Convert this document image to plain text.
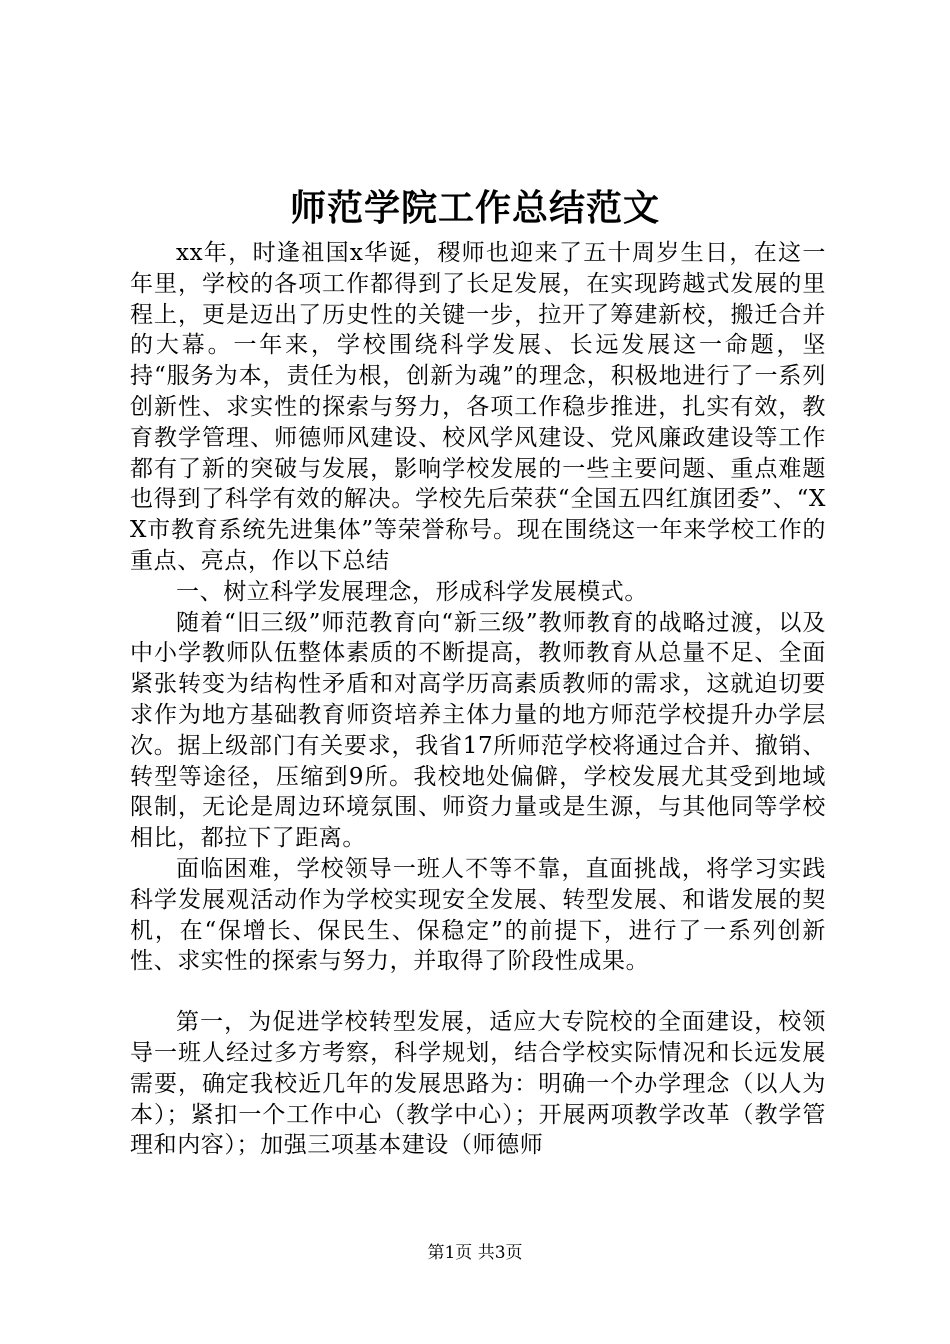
师范学院工作总结范文

xx年，时逢祖国x华诞，稷师也迎来了五十周岁生日，在这一年里，学校的各项工作都得到了长足发展，在实现跨越式发展的里程上，更是迈出了历史性的关键一步，拉开了筹建新校，搬迁合并的大幕。一年来，学校围绕科学发展、长远发展这一命题，坚持“服务为本，责任为根，创新为魂”的理念，积极地进行了一系列创新性、求实性的探索与努力，各项工作稳步推进，扎实有效，教育教学管理、师德师风建设、校风学风建设、党风廉政建设等工作都有了新的突破与发展，影响学校发展的一些主要问题、重点难题也得到了科学有效的解决。学校先后荣获“全国五四红旗团委”、“XX市教育系统先进集体”等荣誉称号。现在围绕这一年来学校工作的重点、亮点，作以下总结

一、树立科学发展理念，形成科学发展模式。

随着“旧三级”师范教育向“新三级”教师教育的战略过渡，以及中小学教师队伍整体素质的不断提高，教师教育从总量不足、全面紧张转变为结构性矛盾和对高学历高素质教师的需求，这就迫切要求作为地方基础教育师资培养主体力量的地方师范学校提升办学层次。据上级部门有关要求，我省17所师范学校将通过合并、撤销、转型等途径，压缩到9所。我校地处偏僻，学校发展尤其受到地域限制，无论是周边环境氛围、师资力量或是生源，与其他同等学校相比，都拉下了距离。

面临困难，学校领导一班人不等不靠，直面挑战，将学习实践科学发展观活动作为学校实现安全发展、转型发展、和谐发展的契机，在“保增长、保民生、保稳定”的前提下，进行了一系列创新性、求实性的探索与努力，并取得了阶段性成果。

第一，为促进学校转型发展，适应大专院校的全面建设，校领导一班人经过多方考察，科学规划，结合学校实际情况和长远发展需要，确定我校近几年的发展思路为：明确一个办学理念（以人为本）；紧扣一个工作中心（教学中心）；开展两项教学改革（教学管理和内容）；加强三项基本建设（师德师

第1页 共3页
